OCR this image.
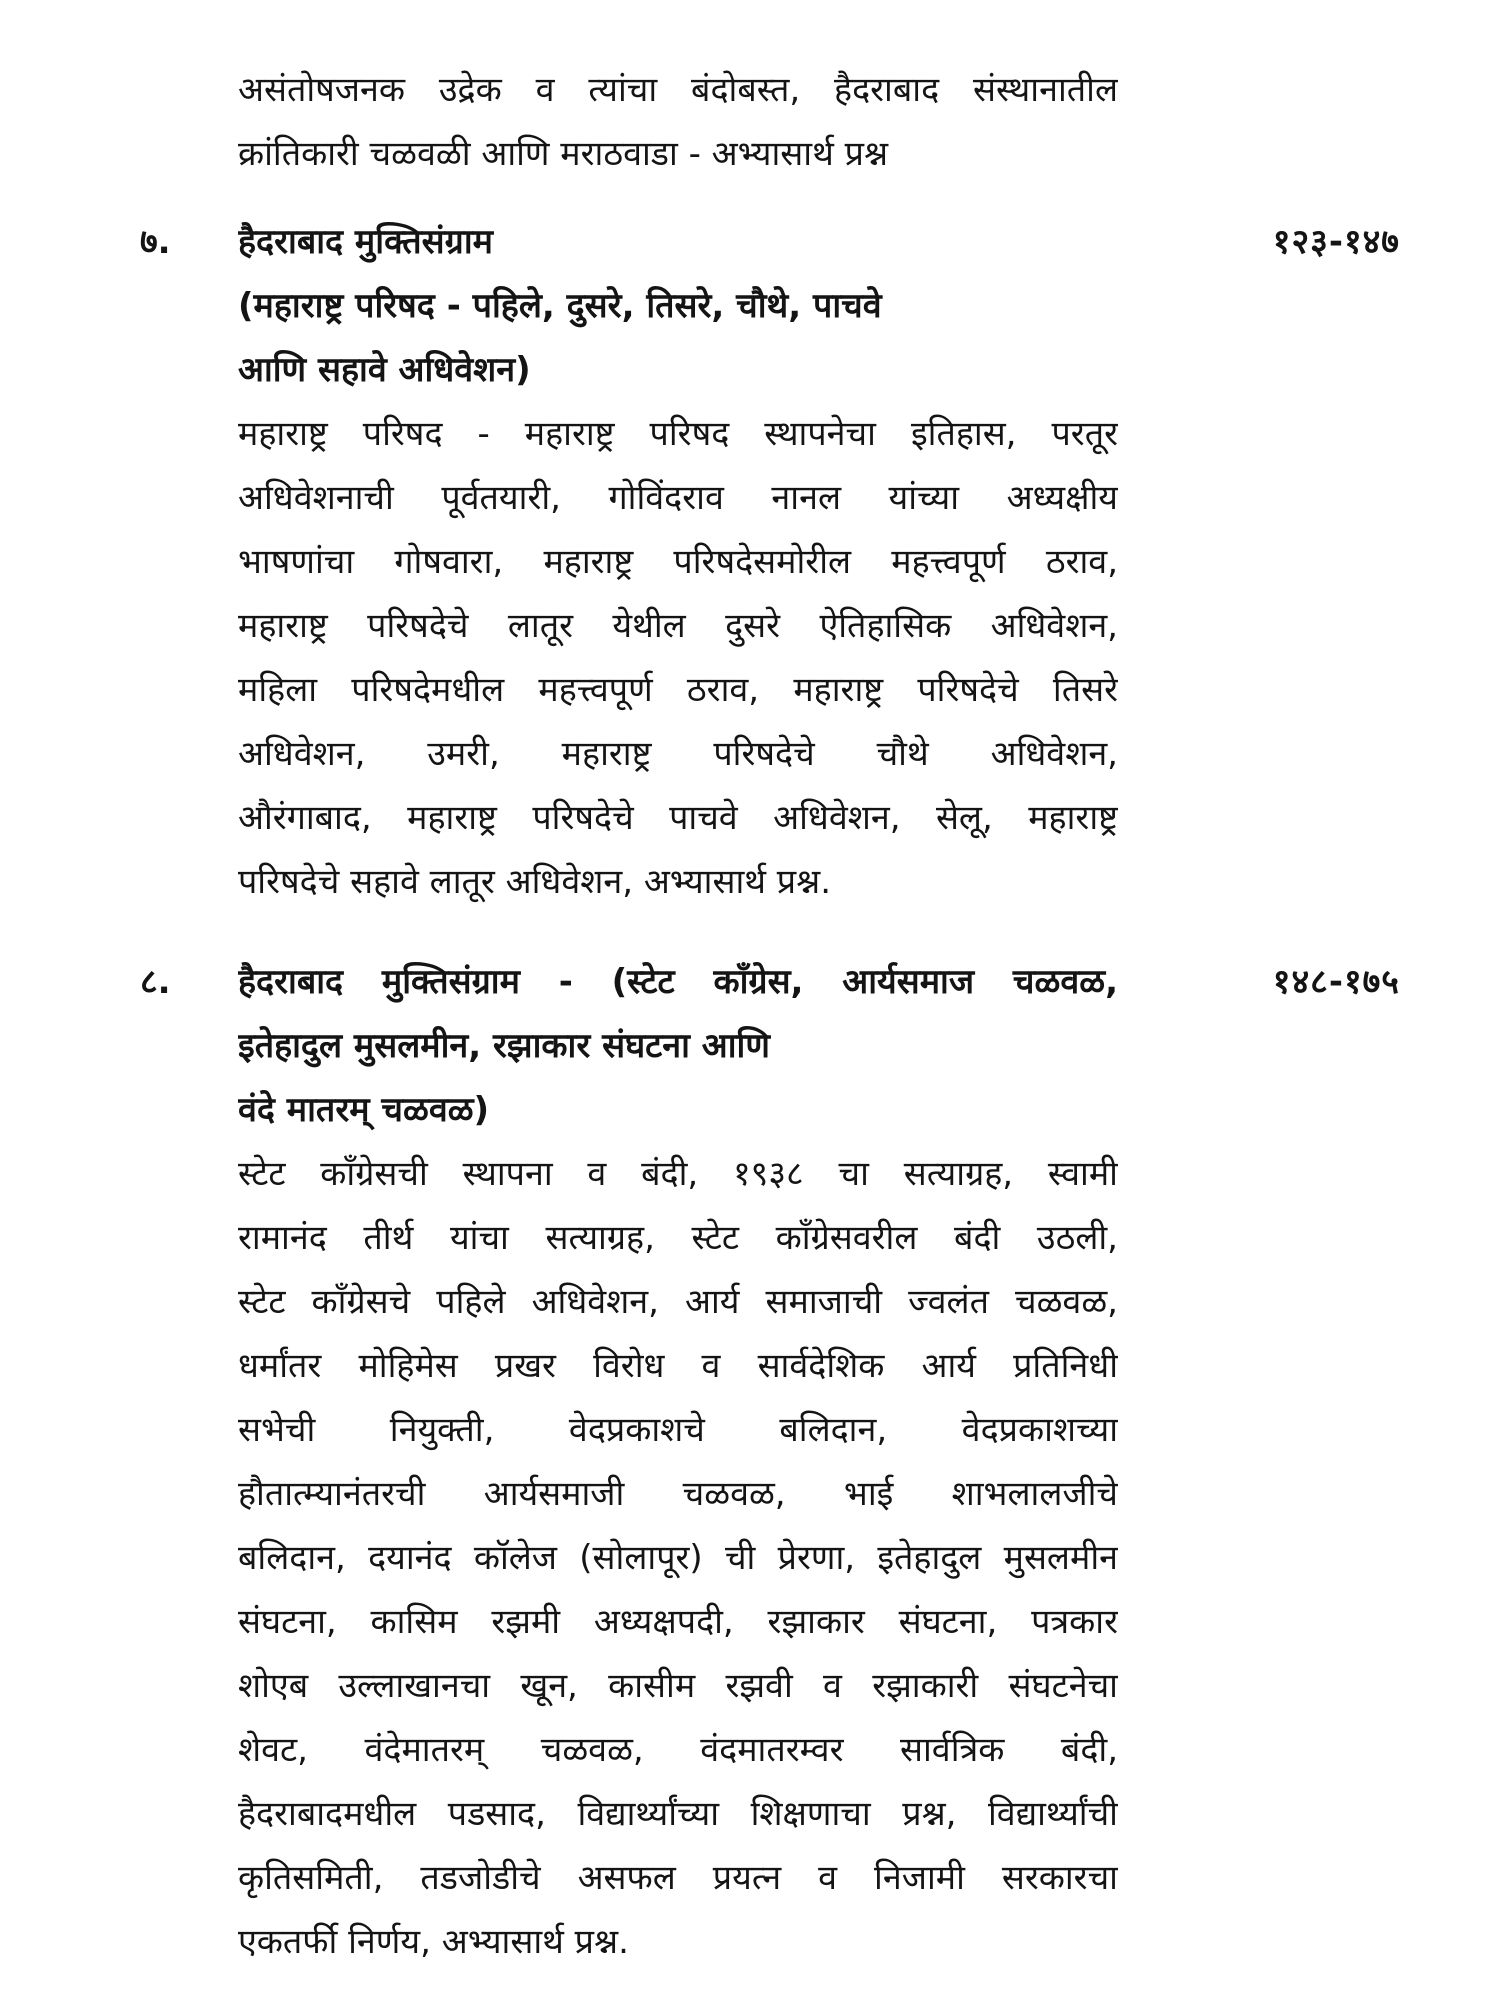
असंतोषजनक उद्रेक व त्यांचा बंदोबस्त, हैदराबाद संस्थानातील
क्रांतिकारी चळवळी आणि मराठवाडा - अभ्यासार्थ प्रश्न
७.	१२३-१४७
हैदराबाद मुक्तिसंग्राम
(महाराष्ट्र परिषद - पहिले, दुसरे, तिसरे, चौथे, पाचवे
आणि सहावे अधिवेशन)
महाराष्ट्र परिषद - महाराष्ट्र परिषद स्थापनेचा इतिहास, परतूर
अधिवेशनाची पूर्वतयारी, गोविंदराव नानल यांच्या अध्यक्षीय
भाषणांचा गोषवारा, महाराष्ट्र परिषदेसमोरील महत्त्वपूर्ण ठराव,
महाराष्ट्र परिषदेचे लातूर येथील दुसरे ऐतिहासिक अधिवेशन,
महिला परिषदेमधील महत्त्वपूर्ण ठराव, महाराष्ट्र परिषदेचे तिसरे
अधिवेशन, उमरी, महाराष्ट्र परिषदेचे चौथे अधिवेशन,
औरंगाबाद, महाराष्ट्र परिषदेचे पाचवे अधिवेशन, सेलू, महाराष्ट्र
परिषदेचे सहावे लातूर अधिवेशन, अभ्यासार्थ प्रश्न.
८.	१४८-१७५
हैदराबाद मुक्तिसंग्राम - (स्टेट काँग्रेस, आर्यसमाज चळवळ,
इतेहादुल मुसलमीन, रझाकार संघटना आणि
वंदे मातरम् चळवळ)
स्टेट काँग्रेसची स्थापना व बंदी, १९३८ चा सत्याग्रह, स्वामी
रामानंद तीर्थ यांचा सत्याग्रह, स्टेट काँग्रेसवरील बंदी उठली,
स्टेट काँग्रेसचे पहिले अधिवेशन, आर्य समाजाची ज्वलंत चळवळ,
धर्मांतर मोहिमेस प्रखर विरोध व सार्वदेशिक आर्य प्रतिनिधी
सभेची नियुक्ती, वेदप्रकाशचे बलिदान, वेदप्रकाशच्या
हौतात्म्यानंतरची आर्यसमाजी चळवळ, भाई शाभलालजीचे
बलिदान, दयानंद कॉलेज (सोलापूर) ची प्रेरणा, इतेहादुल मुसलमीन
संघटना, कासिम रझमी अध्यक्षपदी, रझाकार संघटना, पत्रकार
शोएब उल्लाखानचा खून, कासीम रझवी व रझाकारी संघटनेचा
शेवट, वंदेमातरम् चळवळ, वंदमातरम्वर सार्वत्रिक बंदी,
हैदराबादमधील पडसाद, विद्यार्थ्यांच्या शिक्षणाचा प्रश्न, विद्यार्थ्यांची
कृतिसमिती, तडजोडीचे असफल प्रयत्न व निजामी सरकारचा
एकतर्फी निर्णय, अभ्यासार्थ प्रश्न.
